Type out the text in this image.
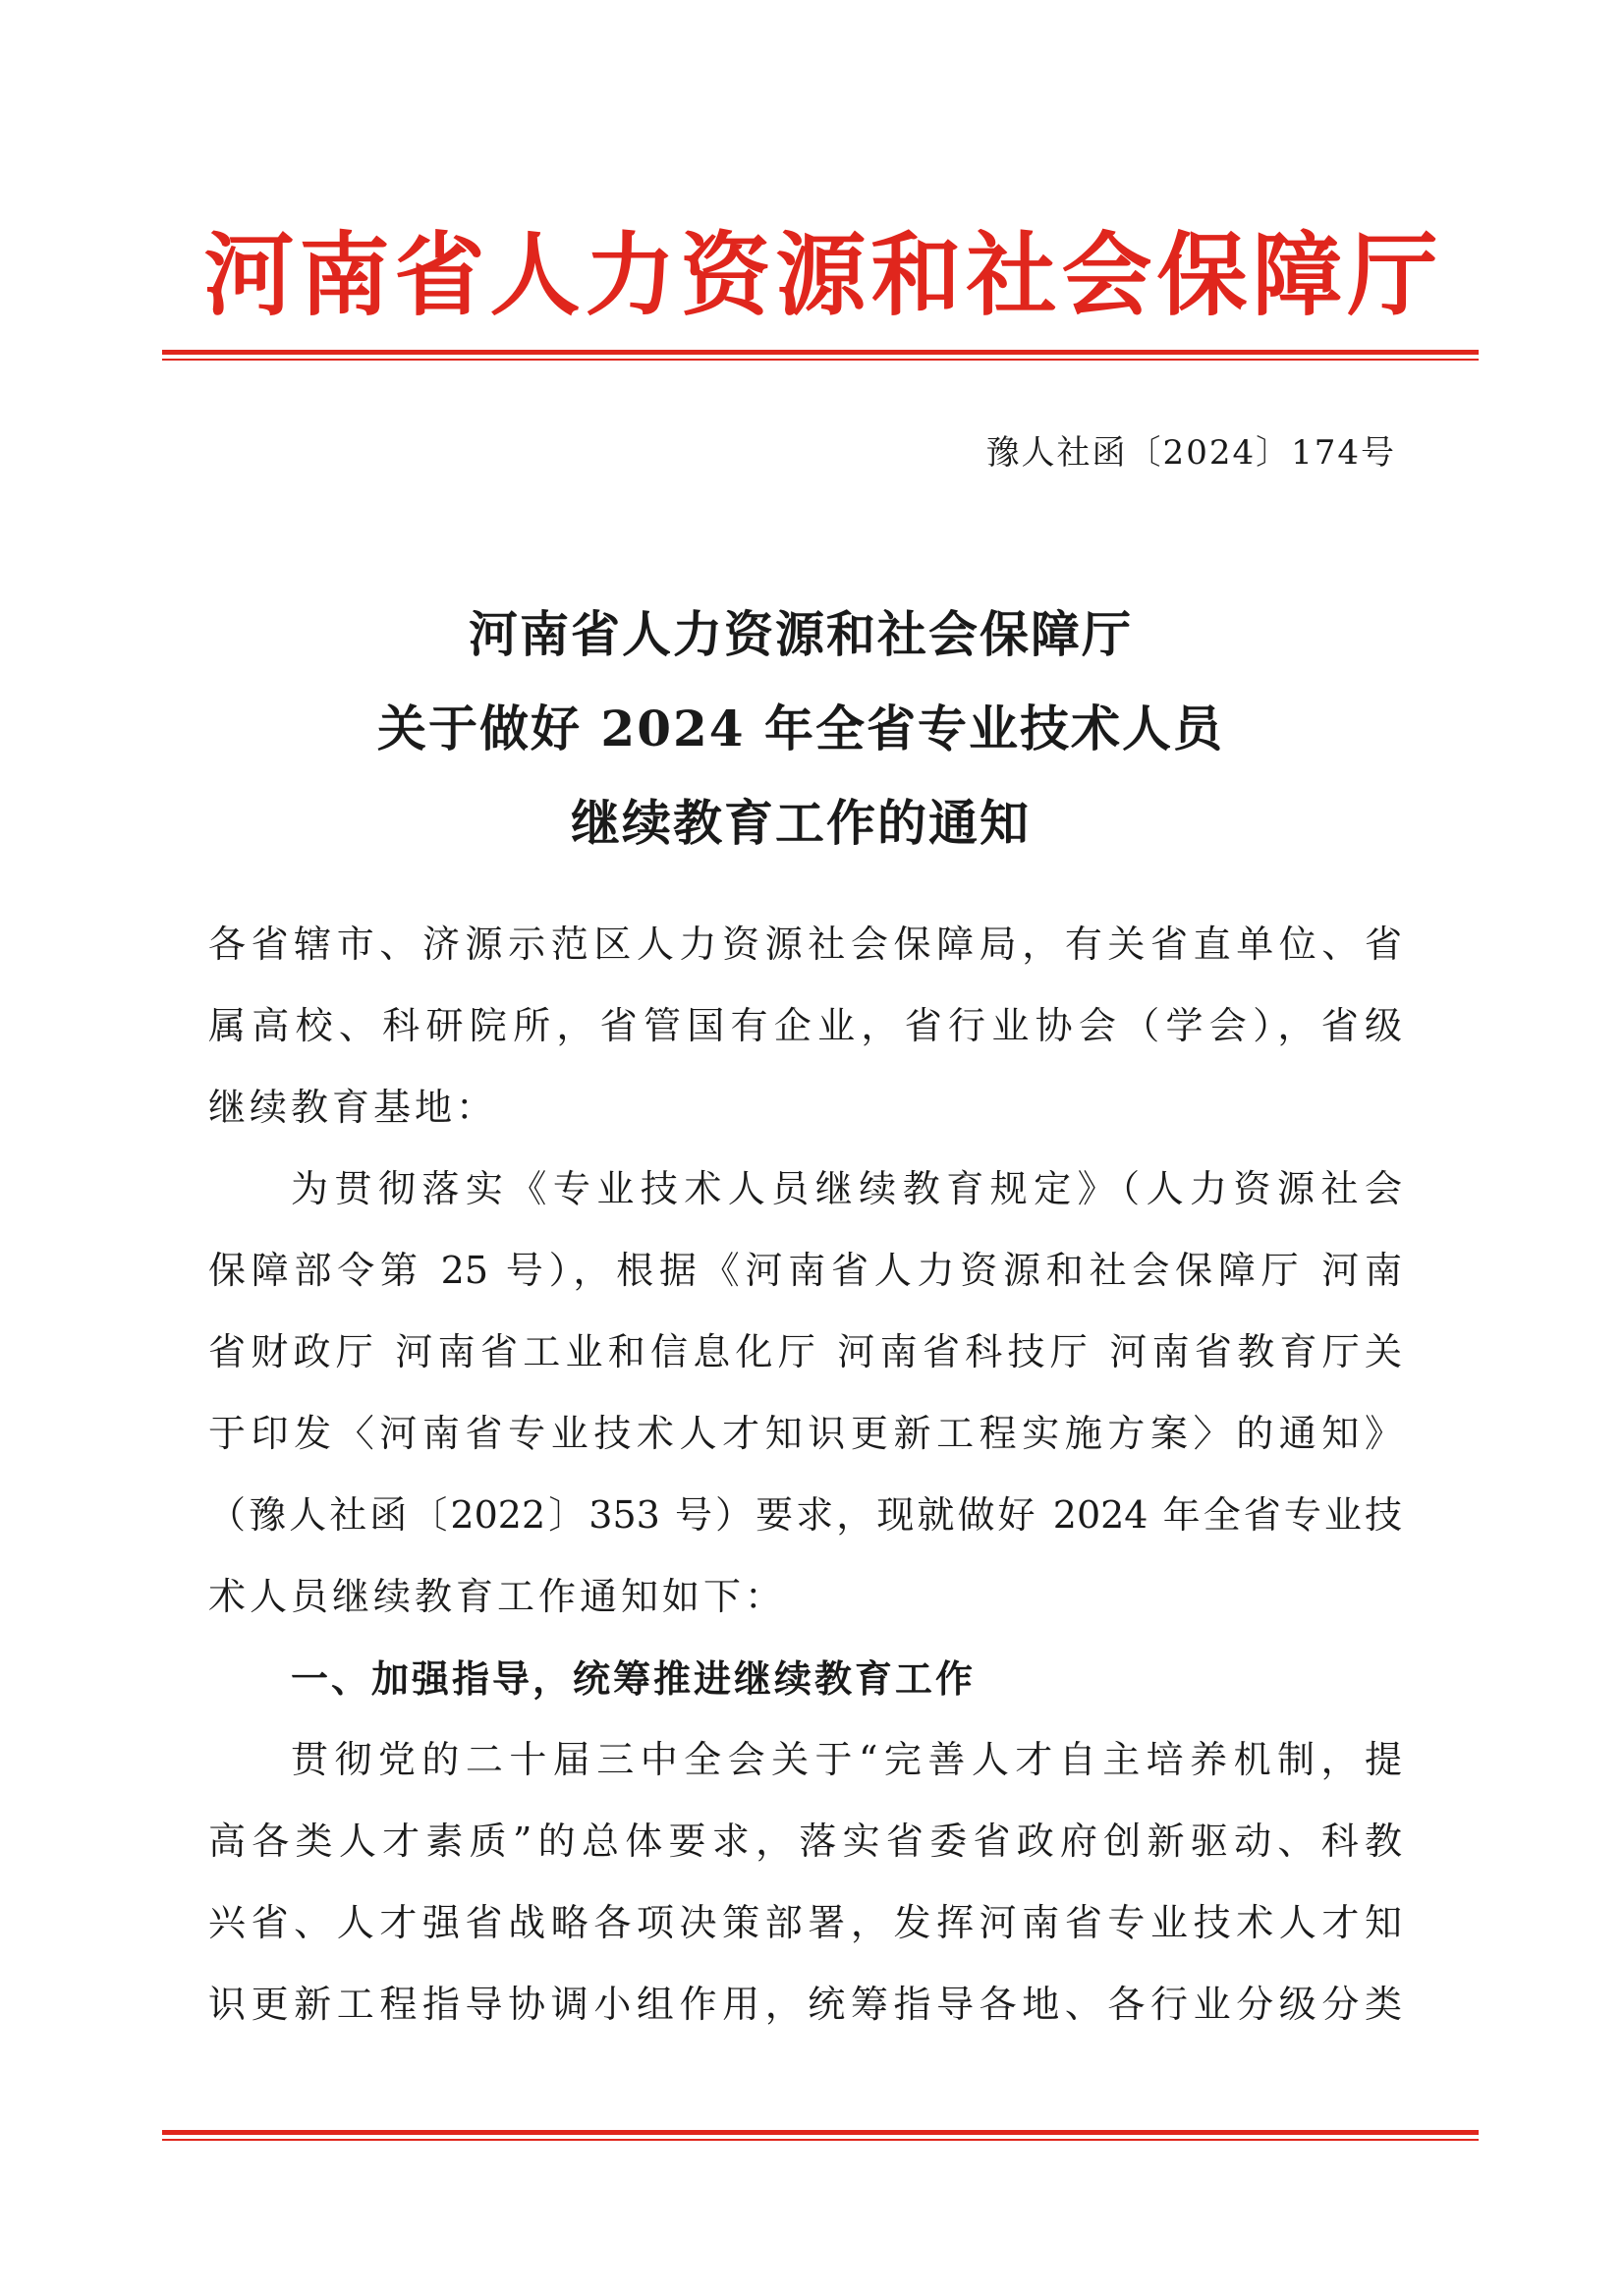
河南省人力资源和社会保障厅
豫人社函〔2024〕174号
河南省人力资源和社会保障厅
关于做好 2024 年全省专业技术人员
继续教育工作的通知
各省辖市、济源示范区人力资源社会保障局，有关省直单位、省
属高校、科研院所，省管国有企业，省行业协会（学会），省级
继续教育基地：
为贯彻落实《专业技术人员继续教育规定》（人力资源社会
保障部令第 25 号），根据《河南省人力资源和社会保障厅 河南
省财政厅 河南省工业和信息化厅 河南省科技厅 河南省教育厅关
于印发〈河南省专业技术人才知识更新工程实施方案〉的通知》
（豫人社函〔2022〕353 号）要求，现就做好 2024 年全省专业技
术人员继续教育工作通知如下：
一、加强指导，统筹推进继续教育工作
贯彻党的二十届三中全会关于“完善人才自主培养机制，提
高各类人才素质”的总体要求，落实省委省政府创新驱动、科教
兴省、人才强省战略各项决策部署，发挥河南省专业技术人才知
识更新工程指导协调小组作用，统筹指导各地、各行业分级分类
